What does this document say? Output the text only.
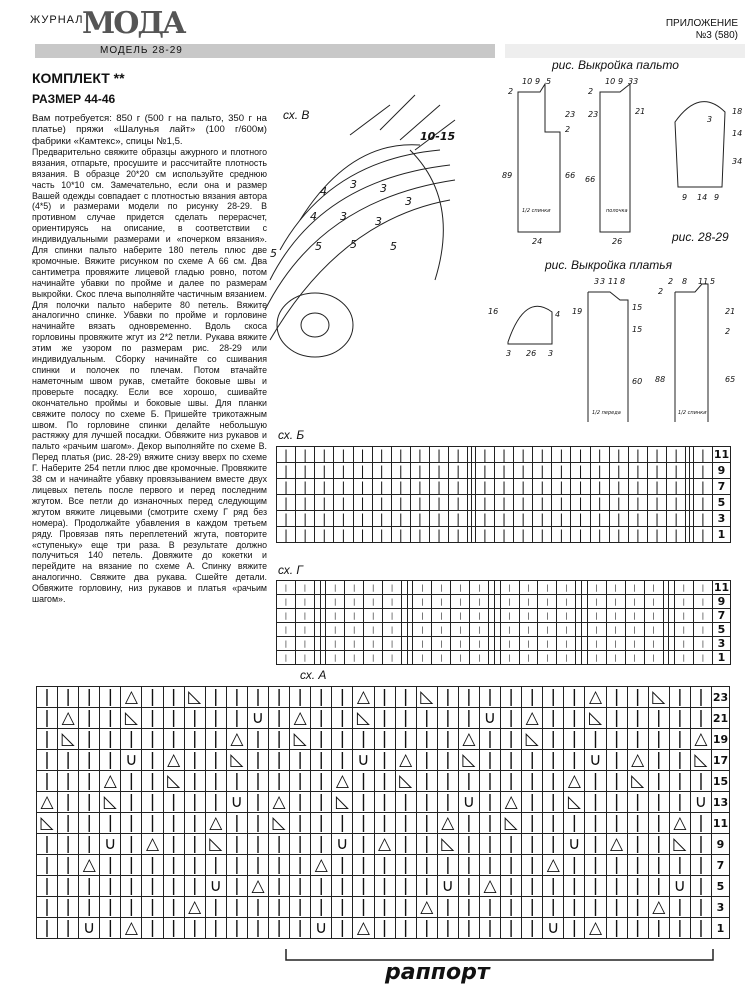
ЖУРНАЛ
МОДА	ПРИЛОЖЕНИЕ
№3 (580)
МОДЕЛЬ 28-29
КОМПЛЕКТ **
РАЗМЕР 44-46

Вам потребуется: 850 г (500 г на пальто, 350 г на платье) пряжи «Шалунья лайт» (100 г/600м) фабрики «Камтекс», спицы №1,5.

Предварительно свяжите образцы ажурного и плотного вязания, отпарьте, просушите и рассчитайте плотность вязания. В образце 20*20 см используйте среднюю часть 10*10 см. Замечательно, если она и размер Вашей одежды совпадает с плотностью вязания автора (4*5) и размерами модели по рисунку 28-29. В противном случае придется сделать перерасчет, ориентируясь на описание, в соответствии с индивидуальными размерами и «почерком вязания». Для спинки пальто наберите 180 петель плюс две кромочные. Вяжите рисунком по схеме А 66 см. Два сантиметра провяжите лицевой гладью ровно, потом начинайте убавки по пройме и далее по размерам выкройки. Скос плеча выполняйте частичным вязанием. Для полочки пальто наберите 80 петель. Вяжите аналогично спинке. Убавки по пройме и горловине начинайте вязать одновременно. Вдоль скоса горловины провяжите жгут из 2*2 петли. Рукава вяжите этим же узором по размерам рис. 28-29 или индивидуальным. Сборку начинайте со сшивания спинки и полочек по плечам. Потом втачайте наметочным швом рукав, сметайте боковые швы и проверьте посадку. Если все хорошо, сшивайте окончательно проймы и боковые швы. Для планки свяжите полосу по схеме Б. Пришейте трикотажным швом. По горловине спинки делайте небольшую растяжку для лучшей посадки. Обвяжите низ рукавов и пальто «рачьим шагом». Декор выполняйте по схеме В. Перед платья (рис. 28-29) вяжите снизу вверх по схеме Г. Наберите 254 петли плюс две кромочные. Провяжите 38 см и начинайте убавку провязыванием вместе двух лицевых петель после первого и перед последним жгутом. Все петли до изнаночных перед следующим жгутом вяжите лицевыми (смотрите схему Г ряд без номера). Продолжайте убавления в каждом третьем ряду. Провязав пять переплетений жгута, повторите «ступеньку» еще три раза. В результате должно получиться 140 петель. Довяжите до кокетки и перейдите на вязание по схеме А. Спинку вяжите аналогично. Свяжите два рукава. Сшейте детали. Обвяжите горловину, низ рукавов и платья «рачьим шагом».

сх. В
10-15
4
3 3
3
5
5	5	5
4 3	3
рис. Выкройка пальто
10 9 5
2
23
2
89	66
24
1/2 спинки
10 9 33
2
21
23
66
26
полочка
18
3
14
34
9 14 9
рис. 28-29
рис. Выкройка платья
3 3 11 8
16	19
4
15
3 26 3
15
60
1/2 переда
2 8 11 5
2
21
2
88	65
1/2 спинки
сх. Б
|	|	|	|	|	|	|	|	|	|			|	|	|	|	|	|	|	|	|	|	|			|	11
|	|	|	|	|	|	|	|	|	|			|	|	|	|	|	|	|	|	|	|	|			|	9
|	|	|	|	|	|	|	|	|	|			|	|	|	|	|	|	|	|	|	|	|			|	7
|	|	|	|	|	|	|	|	|	|			|	|	|	|	|	|	|	|	|	|	|			|	5
|	|	|	|	|	|	|	|	|	|			|	|	|	|	|	|	|	|	|	|	|			|	3
|	|	|	|	|	|	|	|	|	|			|	|	|	|	|	|	|	|	|	|	|			|	1
сх. Г
|	|			|	|	|	|			|	|	|	|			|	|	|	|			|	|	|	|			|	|	11
|	|			|	|	|	|			|	|	|	|			|	|	|	|			|	|	|	|			|	|	9
|	|			|	|	|	|			|	|	|	|			|	|	|	|			|	|	|	|			|	|	7
|	|			|	|	|	|			|	|	|	|			|	|	|	|			|	|	|	|			|	|	5
|	|			|	|	|	|			|	|	|	|			|	|	|	|			|	|	|	|			|	|	3
|	|			|	|	|	|			|	|	|	|			|	|	|	|			|	|	|	|			|	|	1
сх. А
|	|	|	|	△	|	|	◺	|	|	|	|	|	|	|	△	|	|	◺	|	|	|	|	|	|	|	△	|	|	◺	|	|	23
|	△	|	|	◺	|	|	|	|	|	∪	|	△	|	|	◺	|	|	|	|	|	∪	|	△	|	|	◺	|	|	|	|	|	21
|	◺	|	|	|	|	|	|	|	△	|	|	◺	|	|	|	|	|	|	|	△	|	|	◺	|	|	|	|	|	|	|	△	19
|	|	|	|	∪	|	△	|	|	◺	|	|	|	|	|	∪	|	△	|	|	◺	|	|	|	|	|	∪	|	△	|	|	◺	17
|	|	|	△	|	|	◺	|	|	|	|	|	|	|	△	|	|	◺	|	|	|	|	|	|	|	△	|	|	◺	|	|	|	15
△	|	|	◺	|	|	|	|	|	∪	|	△	|	|	◺	|	|	|	|	|	∪	|	△	|	|	◺	|	|	|	|	|	∪	13
◺	|	|	|	|	|	|	|	△	|	|	◺	|	|	|	|	|	|	|	△	|	|	◺	|	|	|	|	|	|	|	△	|	11
|	|	|	∪	|	△	|	|	◺	|	|	|	|	|	∪	|	△	|	|	◺	|	|	|	|	|	∪	|	△	|	|	◺	|	9
|	|	△	|	|	|	|	|	|	|	|	|	|	△	|	|	|	|	|	|	|	|	|	|	△	|	|	|	|	|	|	|	7
|	|	|	|	|	|	|	|	∪	|	△	|	|	|	|	|	|	|	|	∪	|	△	|	|	|	|	|	|	|	|	∪	|	5
|	|	|	|	|	|	|	△	|	|	|	|	|	|	|	|	|	|	△	|	|	|	|	|	|	|	|	|	|	△	|	|	3
|	|	∪	|	△	|	|	|	|	|	|	|	|	∪	|	△	|	|	|	|	|	|	|	|	∪	|	△	|	|	|	|	|	1
раппорт
